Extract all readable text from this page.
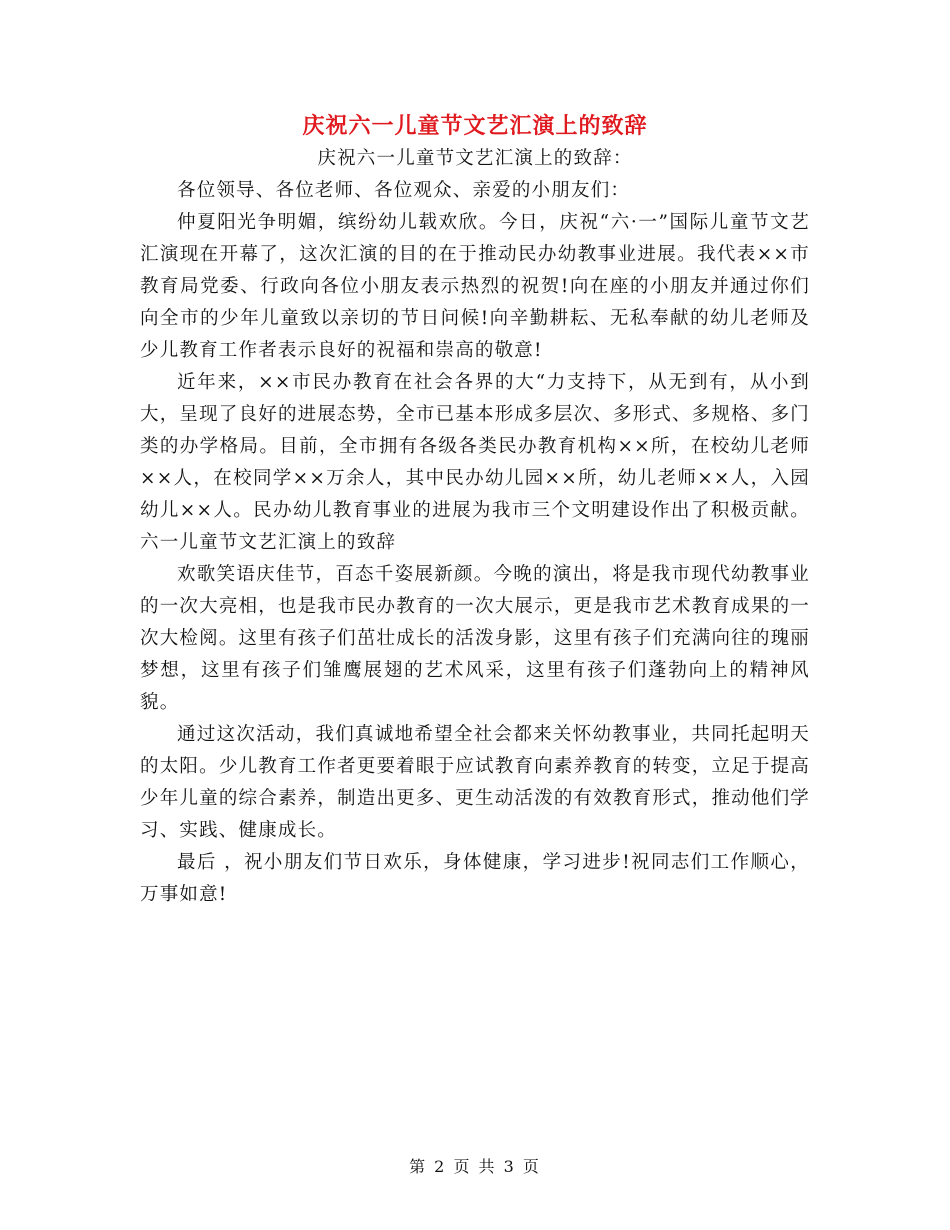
庆祝六一儿童节文艺汇演上的致辞

庆祝六一儿童节文艺汇演上的致辞：

各位领导、各位老师、各位观众、亲爱的小朋友们：

仲夏阳光争明媚，缤纷幼儿载欢欣。今日，庆祝“六·一”国际儿童节文艺汇演现在开幕了，这次汇演的目的在于推动民办幼教事业进展。我代表××市教育局党委、行政向各位小朋友表示热烈的祝贺!向在座的小朋友并通过你们向全市的少年儿童致以亲切的节日问候!向辛勤耕耘、无私奉献的幼儿老师及少儿教育工作者表示良好的祝福和崇高的敬意!

近年来，××市民办教育在社会各界的大“力支持下，从无到有，从小到大，呈现了良好的进展态势，全市已基本形成多层次、多形式、多规格、多门类的办学格局。目前，全市拥有各级各类民办教育机构××所，在校幼儿老师××人，在校同学××万余人，其中民办幼儿园××所，幼儿老师××人，入园幼儿××人。民办幼儿教育事业的进展为我市三个文明建设作出了积极贡献。六一儿童节文艺汇演上的致辞

欢歌笑语庆佳节，百态千姿展新颜。今晚的演出，将是我市现代幼教事业的一次大亮相，也是我市民办教育的一次大展示，更是我市艺术教育成果的一次大检阅。这里有孩子们茁壮成长的活泼身影，这里有孩子们充满向往的瑰丽梦想，这里有孩子们雏鹰展翅的艺术风采，这里有孩子们蓬勃向上的精神风貌。

通过这次活动，我们真诚地希望全社会都来关怀幼教事业，共同托起明天的太阳。少儿教育工作者更要着眼于应试教育向素养教育的转变，立足于提高少年儿童的综合素养，制造出更多、更生动活泼的有效教育形式，推动他们学习、实践、健康成长。

最后 ，祝小朋友们节日欢乐，身体健康，学习进步!祝同志们工作顺心，万事如意!

第 2 页 共 3 页
